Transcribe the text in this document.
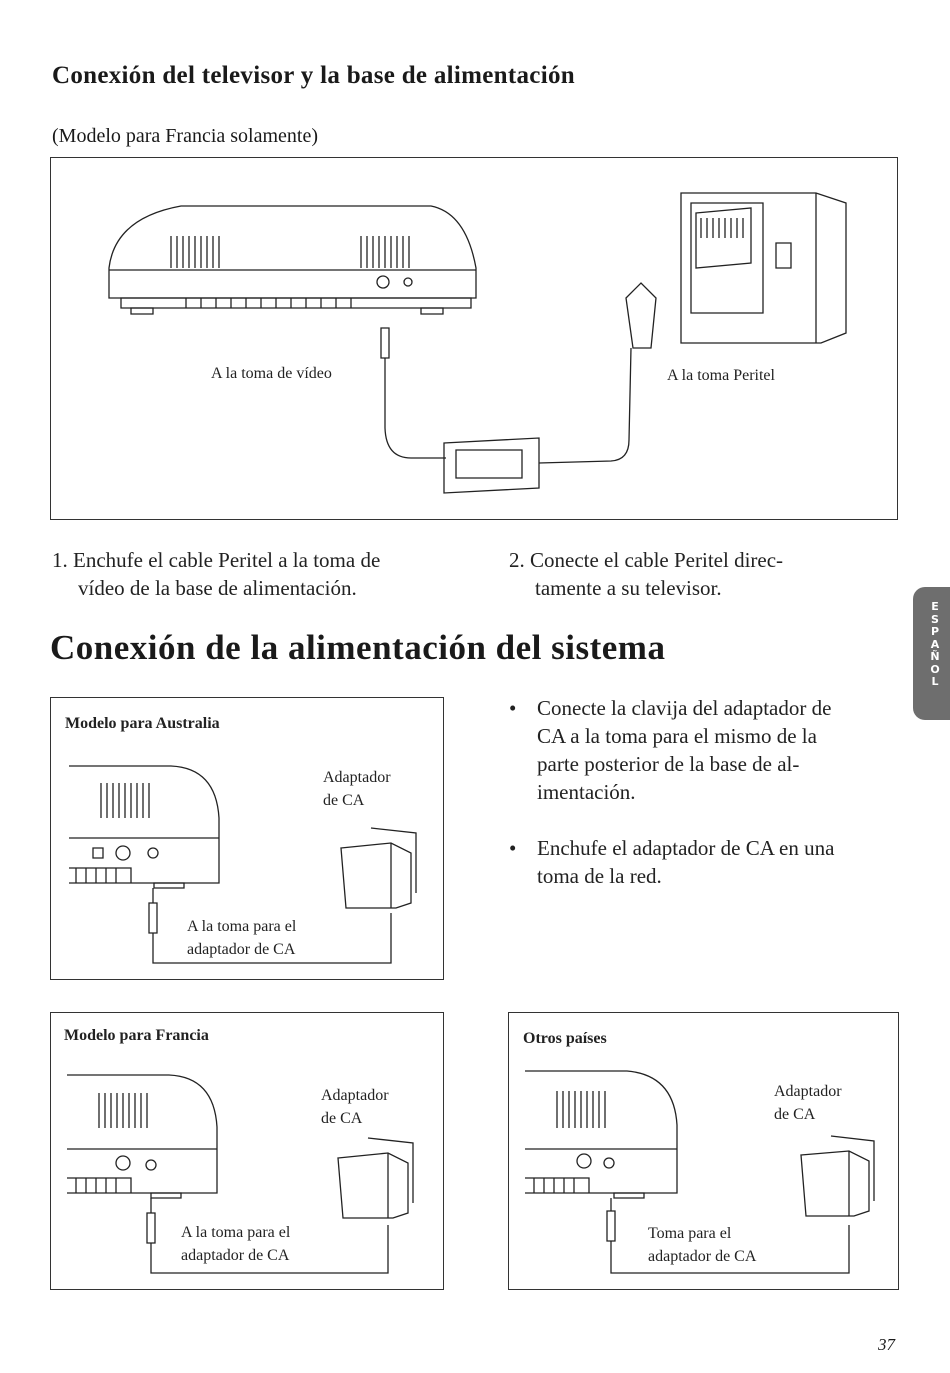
Conexión del televisor y la base de alimentación
(Modelo para Francia solamente)
A la toma de vídeo	A la toma Peritel
1. Enchufe el cable Peritel a la toma de
vídeo de la base de alimentación.
2. Conecte el cable Peritel direc-
tamente a su televisor.
Conexión de la alimentación del sistema
Modelo para Australia
Adaptador
de CA
A la toma para el
adaptador de CA
• Conecte la clavija del adaptador de
CA a la toma para el mismo de la
parte posterior de la base de al-
imentación.
• Enchufe el adaptador de CA en una
toma de la red.
Modelo para Francia
Adaptador
de CA
A la toma para el
adaptador de CA
Otros países
Adaptador
de CA
Toma para el
adaptador de CA
E
S
P
A
Ñ
O
L
37
